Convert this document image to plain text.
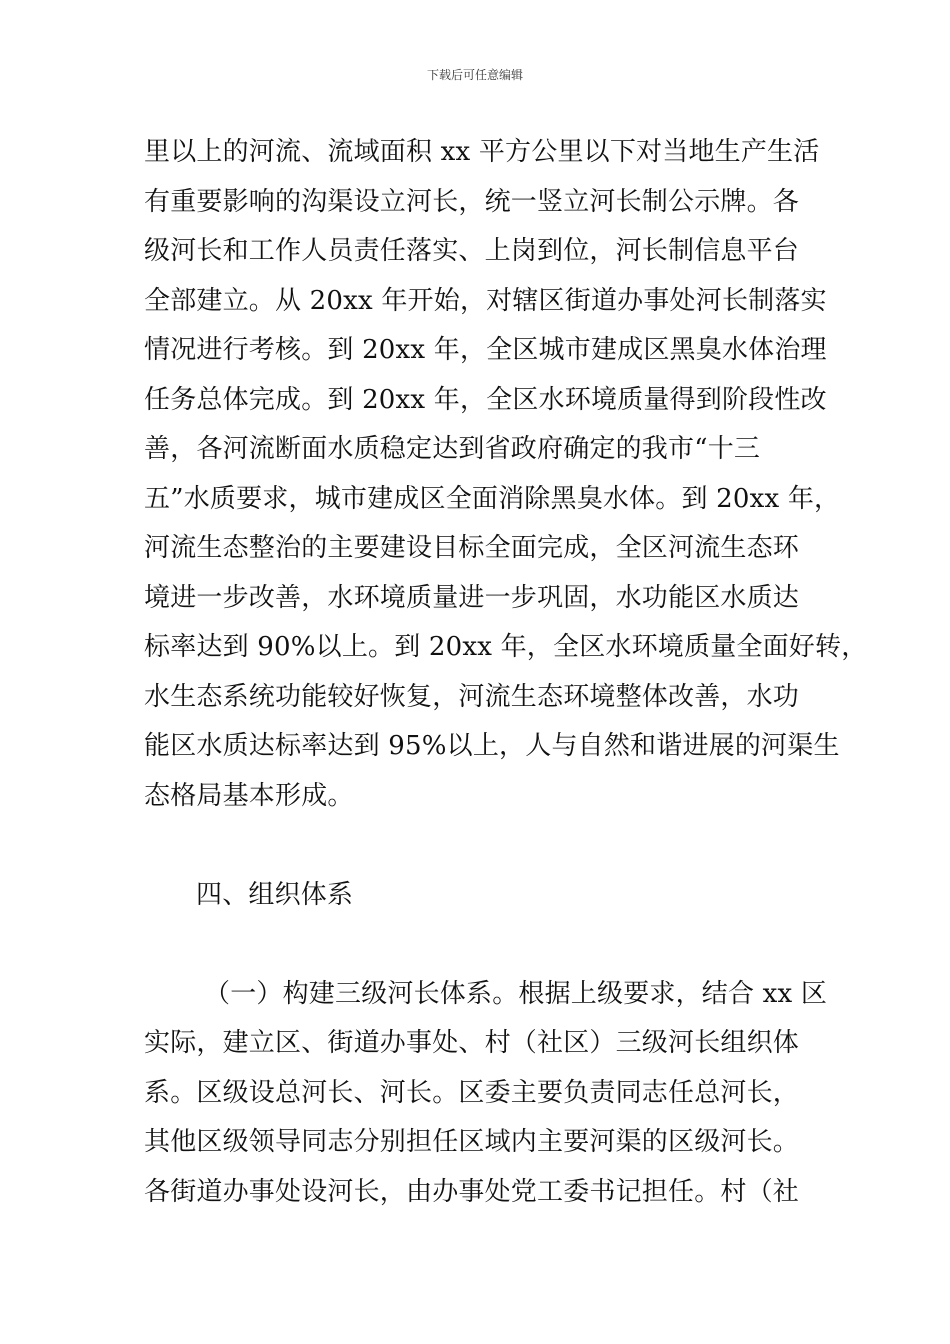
下载后可任意编辑
里以上的河流、流域面积 xx 平方公里以下对当地生产生活
有重要影响的沟渠设立河长，统一竖立河长制公示牌。各
级河长和工作人员责任落实、上岗到位，河长制信息平台
全部建立。从 20xx 年开始，对辖区街道办事处河长制落实
情况进行考核。到 20xx 年，全区城市建成区黑臭水体治理
任务总体完成。到 20xx 年，全区水环境质量得到阶段性改
善，各河流断面水质稳定达到省政府确定的我市“十三
五”水质要求，城市建成区全面消除黑臭水体。到 20xx 年，
河流生态整治的主要建设目标全面完成，全区河流生态环
境进一步改善，水环境质量进一步巩固，水功能区水质达
标率达到 90%以上。到 20xx 年，全区水环境质量全面好转，
水生态系统功能较好恢复，河流生态环境整体改善，水功
能区水质达标率达到 95%以上，人与自然和谐进展的河渠生
态格局基本形成。
四、组织体系
（一）构建三级河长体系。根据上级要求，结合 xx 区
实际，建立区、街道办事处、村（社区）三级河长组织体
系。区级设总河长、河长。区委主要负责同志任总河长，
其他区级领导同志分别担任区域内主要河渠的区级河长。
各街道办事处设河长，由办事处党工委书记担任。村（社
